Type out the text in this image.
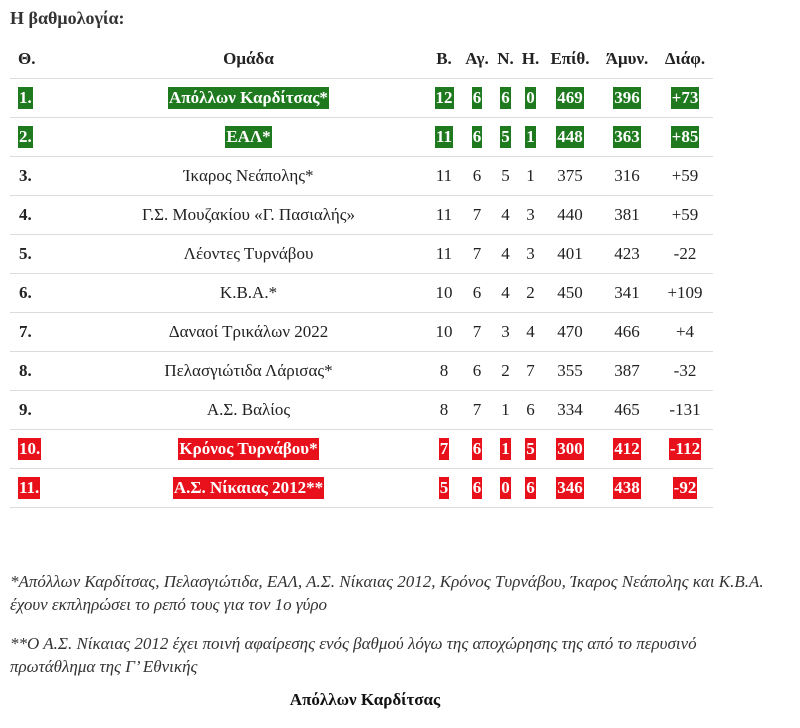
Η βαθμολογία:
Θ.	Ομάδα	Β.	Αγ.	Ν.	Η.	Επίθ.	Άμυν.	Διάφ.
1.	Απόλλων Καρδίτσας*	12	6	6	0	469	396	+73
2.	ΕΑΛ*	11	6	5	1	448	363	+85
3.	Ίκαρος Νεάπολης*	11	6	5	1	375	316	+59
4.	Γ.Σ. Μουζακίου «Γ. Πασιαλής»	11	7	4	3	440	381	+59
5.	Λέοντες Τυρνάβου	11	7	4	3	401	423	-22
6.	Κ.Β.Α.*	10	6	4	2	450	341	+109
7.	Δαναοί Τρικάλων 2022	10	7	3	4	470	466	+4
8.	Πελασγιώτιδα Λάρισας*	8	6	2	7	355	387	-32
9.	Α.Σ. Βαλίος	8	7	1	6	334	465	-131
10.	Κρόνος Τυρνάβου*	7	6	1	5	300	412	-112
11.	Α.Σ. Νίκαιας 2012**	5	6	0	6	346	438	-92

*Απόλλων Καρδίτσας, Πελασγιώτιδα, ΕΑΛ, Α.Σ. Νίκαιας 2012, Κρόνος Τυρνάβου, Ίκαρος Νεάπολης και Κ.Β.Α. έχουν εκπληρώσει το ρεπό τους για τον 1ο γύρο

**Ο Α.Σ. Νίκαιας 2012 έχει ποινή αφαίρεσης ενός βαθμού λόγω της αποχώρησης της από το περυσινό πρωτάθλημα της Γ’ Εθνικής

Απόλλων Καρδίτσας
